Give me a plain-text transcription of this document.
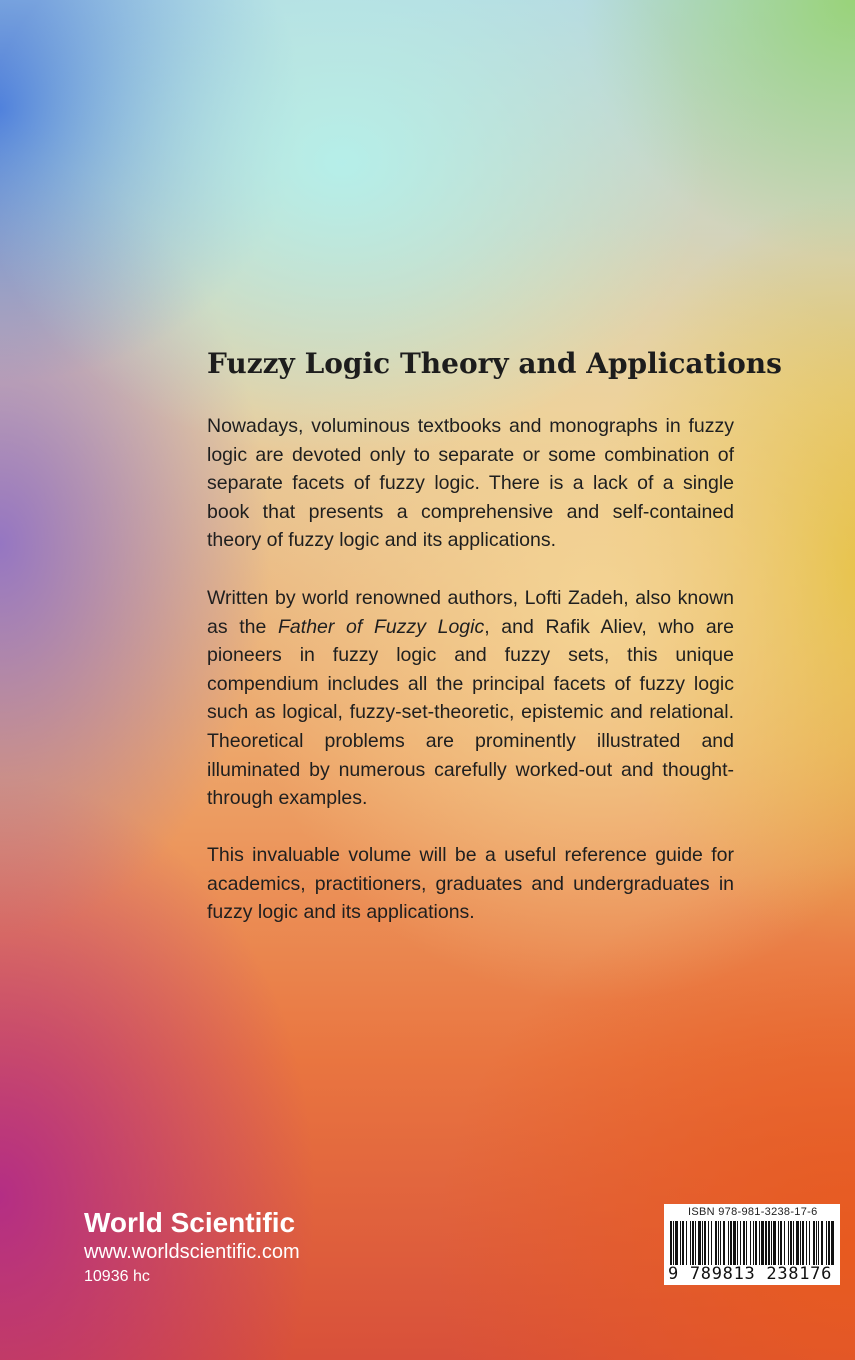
Fuzzy Logic Theory and Applications

Nowadays, voluminous textbooks and monographs in fuzzy logic are devoted only to separate or some combination of separate facets of fuzzy logic. There is a lack of a single book that presents a comprehensive and self-contained theory of fuzzy logic and its applications.

Written by world renowned authors, Lofti Zadeh, also known as the Father of Fuzzy Logic, and Rafik Aliev, who are pioneers in fuzzy logic and fuzzy sets, this unique compendium includes all the principal facets of fuzzy logic such as logical, fuzzy-set-theoretic, epistemic and relational. Theoretical problems are prominently illustrated and illuminated by numerous carefully worked-out and thought-through examples.

This invaluable volume will be a useful reference guide for academics, practitioners, graduates and undergraduates in fuzzy logic and its applications.

World Scientific
www.worldscientific.com
10936 hc
ISBN 978-981-3238-17-6
9 789813 238176
